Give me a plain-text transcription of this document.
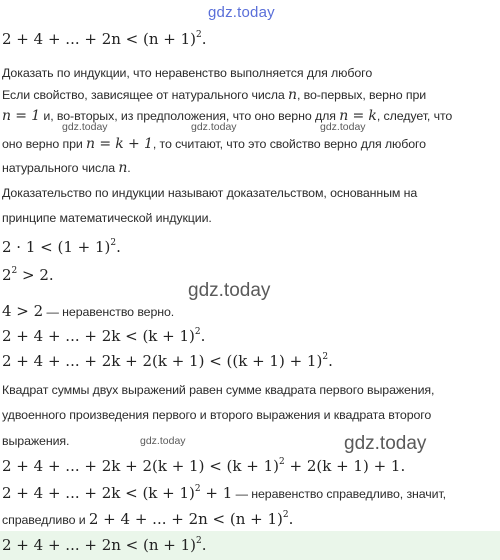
gdz.today
2 + 4 + ... + $2n < (n + 1)^2$.
Доказать по индукции, что неравенство выполняется для любого
Если свойство, зависящее от натурального числа n, во-первых, верно при
n = 1 и, во-вторых, из предположения, что оно верно для n = k, следует, что
gdz.today	gdz.today	gdz.today
оно верно при n = k + 1, то считают, что это свойство верно для любого
натурального числа n.
Доказательство по индукции называют доказательством, основанным на
принципе математической индукции.
$2 \cdot 1 < (1 + 1)^2$.
$2^2 > 2$.
gdz.today
4 > 2 — неравенство верно.
2 + 4 + ... + $2k < (k + 1)^2$.
2 + 4 + ... + $2k + 2(k + 1) < ((k + 1) + 1)^2$.
Квадрат суммы двух выражений равен сумме квадрата первого выражения,
удвоенного произведения первого и второго выражения и квадрата второго
выражения.	gdz.today	gdz.today
2 + 4 + ... + $2k + 2(k + 1) < (k + 1)^2 + 2(k + 1) + 1$.
2 + 4 + ... + $2k < (k + 1)^2 + 1$ — неравенство справедливо, значит,
справедливо и 2 + 4 + ... + $2n < (n + 1)^2$.
2 + 4 + ... + $2n < (n + 1)^2$.
